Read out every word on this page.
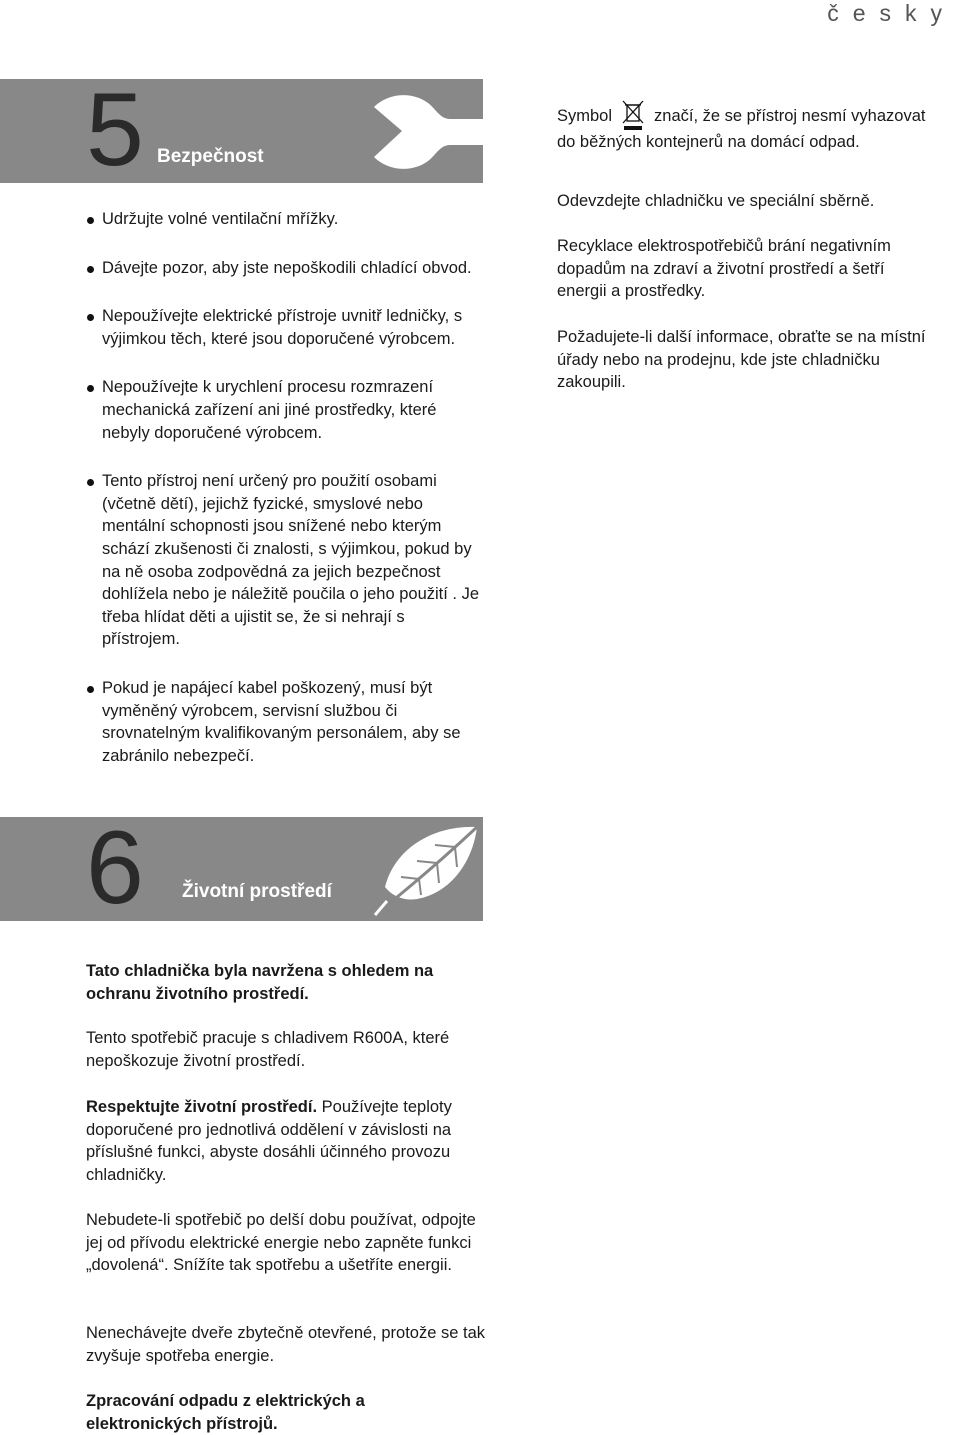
česky
5 Bezpečnost
Udržujte volné ventilační mřížky.
Dávejte pozor, aby jste nepoškodili chladící obvod.
Nepoužívejte elektrické přístroje uvnitř ledničky, s výjimkou těch, které jsou doporučené výrobcem.
Nepoužívejte k urychlení procesu rozmrazení mechanická zařízení ani jiné prostředky, které nebyly doporučené výrobcem.
Tento přístroj není určený pro použití osobami (včetně dětí), jejichž fyzické, smyslové nebo mentální schopnosti jsou snížené nebo kterým schází zkušenosti či znalosti, s výjimkou, pokud by na ně osoba zodpovědná za jejich bezpečnost dohlížela nebo je náležitě poučila o jeho použití . Je třeba hlídat děti a ujistit se, že si nehrají s přístrojem.
Pokud je napájecí kabel poškozený, musí být vyměněný výrobcem, servisní službou či srovnatelným kvalifikovaným personálem, aby se zabránilo nebezpečí.

Symbol	značí, že se přístroj nesmí vyhazovat do běžných kontejnerů na domácí odpad.

Odevzdejte chladničku ve speciální sběrně.

Recyklace elektrospotřebičů brání negativním dopadům na zdraví a životní prostředí a šetří energii a prostředky.

Požadujete-li další informace, obraťte se na místní úřady nebo na prodejnu, kde jste chladničku zakoupili.

6 Životní prostředí

Tato chladnička byla navržena s ohledem na ochranu životního prostředí.

Tento spotřebič pracuje s chladivem R600A, které nepoškozuje životní prostředí.

Respektujte životní prostředí. Používejte teploty doporučené pro jednotlivá oddělení v závislosti na příslušné funkci, abyste dosáhli účinného provozu chladničky.

Nebudete-li spotřebič po delší dobu používat, odpojte jej od přívodu elektrické energie nebo zapněte funkci „dovolená“. Snížíte tak spotřebu a ušetříte energii.

Nenechávejte dveře zbytečně otevřené, protože se tak zvyšuje spotřeba energie.

Zpracování odpadu z elektrických a elektronických přístrojů.
